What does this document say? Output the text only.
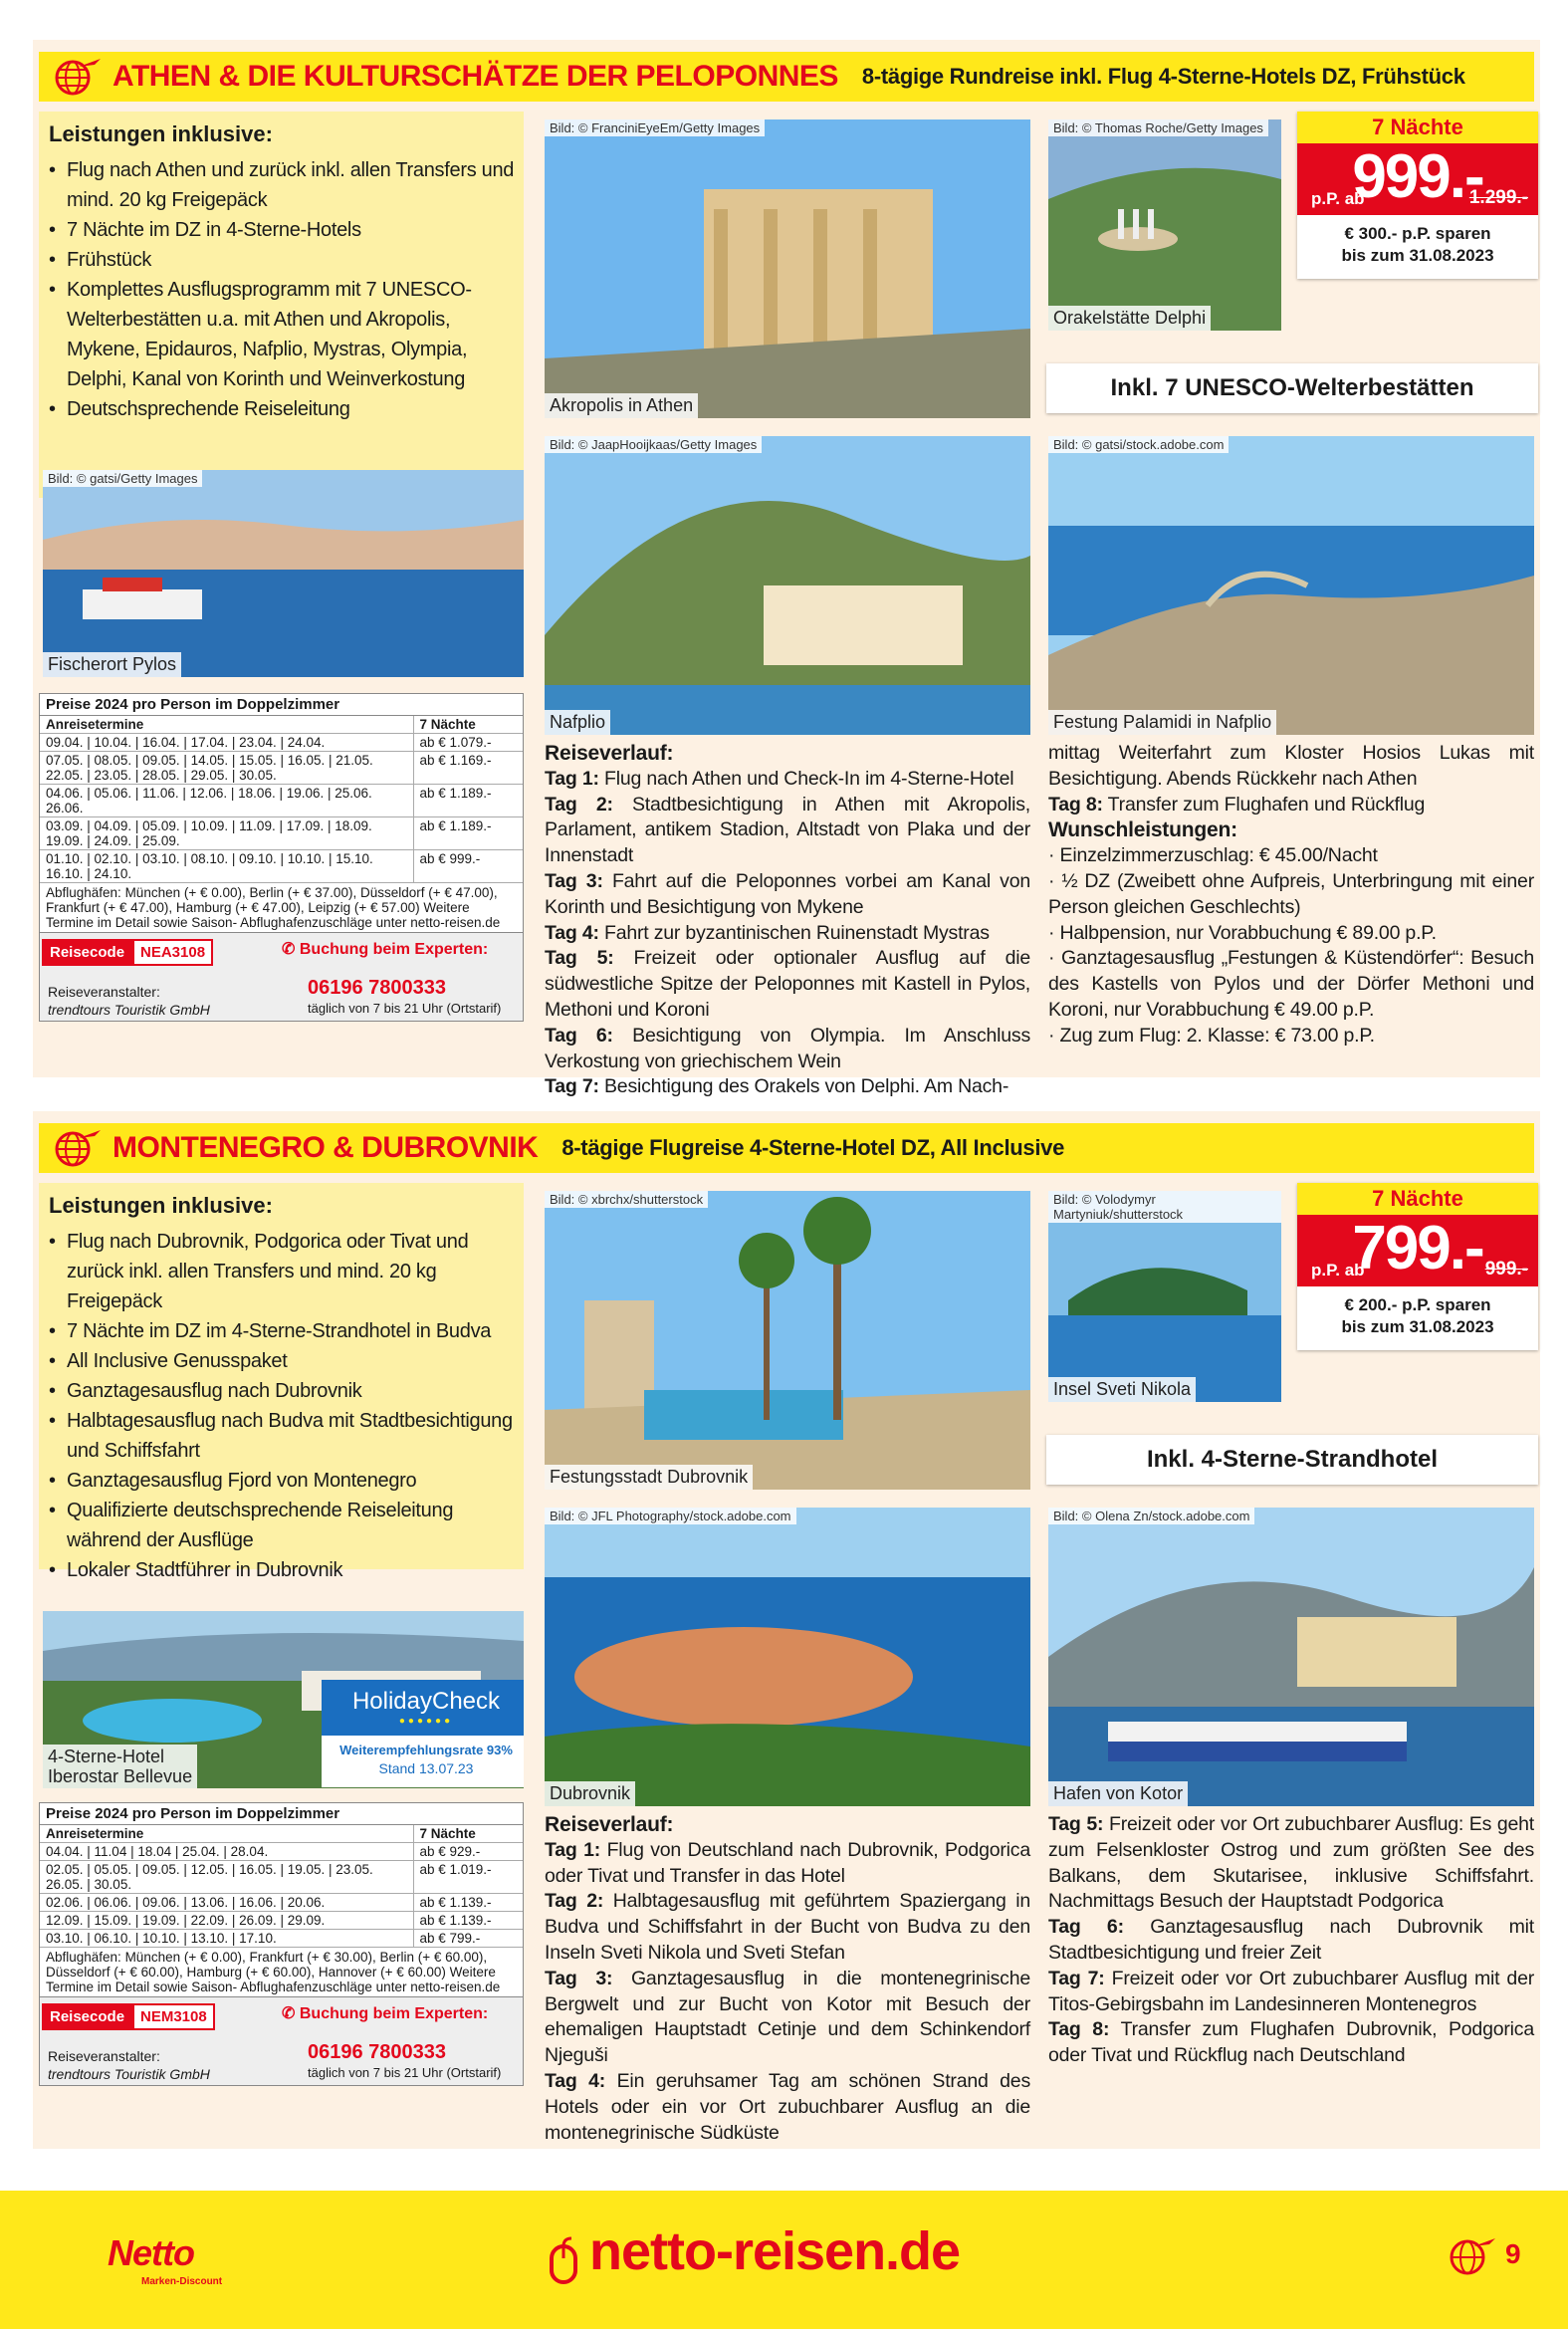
ATHEN & DIE KULTURSCHÄTZE DER PELOPONNES 8-tägige Rundreise inkl. Flug 4-Sterne-Hotels DZ, Frühstück
Leistungen inklusive:
• Flug nach Athen und zurück inkl. allen Transfers und mind. 20 kg Freigepäck
• 7 Nächte im DZ in 4-Sterne-Hotels
• Frühstück
• Komplettes Ausflugsprogramm mit 7 UNESCO-Welterbestätten u.a. mit Athen und Akropolis, Mykene, Epidauros, Nafplio, Mystras, Olympia, Delphi, Kanal von Korinth und Weinverkostung
• Deutschsprechende Reiseleitung
Bild: © gatsi/Getty Images
Fischerort Pylos
Bild: © FranciniEyeEm/Getty Images
Akropolis in Athen
Bild: © Thomas Roche/Getty Images
Orakelstätte Delphi
7 Nächte
999.-
p.P. ab	1.299.-
€ 300.- p.P. sparen
bis zum 31.08.2023
Inkl. 7 UNESCO-Welterbestätten
Bild: © JaapHooijkaas/Getty Images
Nafplio
Bild: © gatsi/stock.adobe.com
Festung Palamidi in Nafplio
Preise 2024 pro Person im Doppelzimmer
Anreisetermine	7 Nächte
09.04. | 10.04. | 16.04. | 17.04. | 23.04. | 24.04.	ab € 1.079.-
07.05. | 08.05. | 09.05. | 14.05. | 15.05. | 16.05. | 21.05. 22.05. | 23.05. | 28.05. | 29.05. | 30.05.	ab € 1.169.-
04.06. | 05.06. | 11.06. | 12.06. | 18.06. | 19.06. | 25.06. 26.06.	ab € 1.189.-
03.09. | 04.09. | 05.09. | 10.09. | 11.09. | 17.09. | 18.09. 19.09. | 24.09. | 25.09.	ab € 1.189.-
01.10. | 02.10. | 03.10. | 08.10. | 09.10. | 10.10. | 15.10. 16.10. | 24.10.	ab € 999.-
Abflughäfen: München (+ € 0.00), Berlin (+ € 37.00), Düsseldorf (+ € 47.00), Frankfurt (+ € 47.00), Hamburg (+ € 47.00), Leipzig (+ € 57.00) Weitere Termine im Detail sowie Saison- Abflughafenzuschläge unter netto-reisen.de
Reisecode	NEA3108	✆ Buchung beim Experten:
Reiseveranstalter:
trendtours Touristik GmbH
06196 7800333
täglich von 7 bis 21 Uhr (Ortstarif)
Reiseverlauf:
Tag 1: Flug nach Athen und Check-In im 4-Sterne-Hotel
Tag 2: Stadtbesichtigung in Athen mit Akropolis, Parlament, antikem Stadion, Altstadt von Plaka und der Innenstadt
Tag 3: Fahrt auf die Peloponnes vorbei am Kanal von Korinth und Besichtigung von Mykene
Tag 4: Fahrt zur byzantinischen Ruinenstadt Mystras
Tag 5: Freizeit oder optionaler Ausflug auf die südwestliche Spitze der Peloponnes mit Kastell in Pylos, Methoni und Koroni
Tag 6: Besichtigung von Olympia. Im Anschluss Verkostung von griechischem Wein
Tag 7: Besichtigung des Orakels von Delphi. Am Nach-
mittag Weiterfahrt zum Kloster Hosios Lukas mit Besichtigung. Abends Rückkehr nach Athen
Tag 8: Transfer zum Flughafen und Rückflug
Wunschleistungen:
· Einzelzimmerzuschlag: € 45.00/Nacht
· ½ DZ (Zweibett ohne Aufpreis, Unterbringung mit einer Person gleichen Geschlechts)
· Halbpension, nur Vorabbuchung € 89.00 p.P.
· Ganztagesausflug „Festungen & Küstendörfer“: Besuch des Kastells von Pylos und der Dörfer Methoni und Koroni, nur Vorabbuchung € 49.00 p.P.
· Zug zum Flug: 2. Klasse: € 73.00 p.P.
MONTENEGRO & DUBROVNIK 8-tägige Flugreise 4-Sterne-Hotel DZ, All Inclusive
Leistungen inklusive:
• Flug nach Dubrovnik, Podgorica oder Tivat und zurück inkl. allen Transfers und mind. 20 kg Freigepäck
• 7 Nächte im DZ im 4-Sterne-Strandhotel in Budva
• All Inclusive Genusspaket
• Ganztagesausflug nach Dubrovnik
• Halbtagesausflug nach Budva mit Stadtbesichtigung und Schiffsfahrt
• Ganztagesausflug Fjord von Montenegro
• Qualifizierte deutschsprechende Reiseleitung während der Ausflüge
• Lokaler Stadtführer in Dubrovnik
4-Sterne-Hotel
Iberostar Bellevue
HolidayCheck
●●●●●●
Weiterempfehlungsrate 93%
Stand 13.07.23
Bild: © xbrchx/shutterstock
Festungsstadt Dubrovnik
Bild: © Volodymyr Martyniuk/shutterstock
Insel Sveti Nikola
7 Nächte
799.-
p.P. ab	999.-
€ 200.- p.P. sparen
bis zum 31.08.2023
Inkl. 4-Sterne-Strandhotel
Bild: © JFL Photography/stock.adobe.com
Dubrovnik
Bild: © Olena Zn/stock.adobe.com
Hafen von Kotor
Preise 2024 pro Person im Doppelzimmer
Anreisetermine	7 Nächte
04.04. | 11.04 | 18.04 | 25.04. | 28.04.	ab € 929.-
02.05. | 05.05. | 09.05. | 12.05. | 16.05. | 19.05. | 23.05. 26.05. | 30.05.	ab € 1.019.-
02.06. | 06.06. | 09.06. | 13.06. | 16.06. | 20.06.	ab € 1.139.-
12.09. | 15.09. | 19.09. | 22.09. | 26.09. | 29.09.	ab € 1.139.-
03.10. | 06.10. | 10.10. | 13.10. | 17.10.	ab € 799.-
Abflughäfen: München (+ € 0.00), Frankfurt (+ € 30.00), Berlin (+ € 60.00), Düsseldorf (+ € 60.00), Hamburg (+ € 60.00), Hannover (+ € 60.00) Weitere Termine im Detail sowie Saison- Abflughafenzuschläge unter netto-reisen.de
Reisecode	NEM3108	✆ Buchung beim Experten:
Reiseveranstalter:
trendtours Touristik GmbH
06196 7800333
täglich von 7 bis 21 Uhr (Ortstarif)
Reiseverlauf:
Tag 1: Flug von Deutschland nach Dubrovnik, Podgorica oder Tivat und Transfer in das Hotel
Tag 2: Halbtagesausflug mit geführtem Spaziergang in Budva und Schiffsfahrt in der Bucht von Budva zu den Inseln Sveti Nikola und Sveti Stefan
Tag 3: Ganztagesausflug in die montenegrinische Bergwelt und zur Bucht von Kotor mit Besuch der ehemaligen Hauptstadt Cetinje und dem Schinkendorf Njeguši
Tag 4: Ein geruhsamer Tag am schönen Strand des Hotels oder ein vor Ort zubuchbarer Ausflug an die montenegrinische Südküste
Tag 5: Freizeit oder vor Ort zubuchbarer Ausflug: Es geht zum Felsenkloster Ostrog und zum größten See des Balkans, dem Skutarisee, inklusive Schiffsfahrt. Nachmittags Besuch der Hauptstadt Podgorica
Tag 6: Ganztagesausflug nach Dubrovnik mit Stadtbesichtigung und freier Zeit
Tag 7: Freizeit oder vor Ort zubuchbarer Ausflug mit der Titos-Gebirgsbahn im Landesinneren Montenegros
Tag 8: Transfer zum Flughafen Dubrovnik, Podgorica oder Tivat und Rückflug nach Deutschland
Netto
Marken-Discount
netto-reisen.de	9
